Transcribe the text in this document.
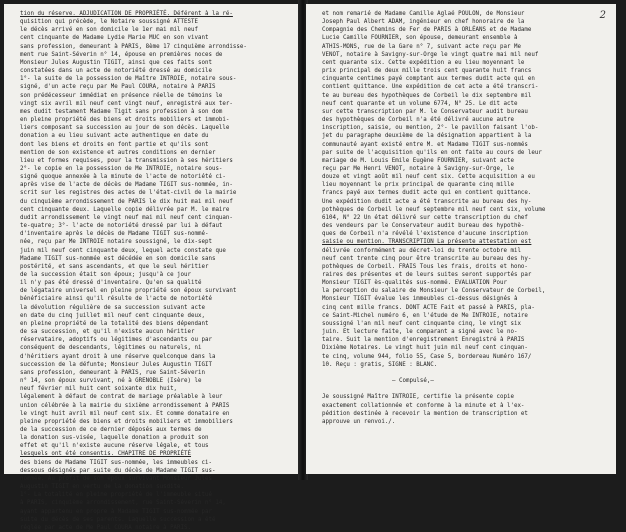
tion du réserve. ADJUDICATION DE PROPRIÉTÉ. Déférent à la ré-
quisition qui précède, le Notaire soussigné ATTESTE
le décès arrivé en son domicile le 1er mai mil neuf
cent cinquante de Madame Lydie Marie MUC en son vivant
sans profession, demeurant à PARIS, 8ème 17 cinquième arrondisse-
ment rue Saint-Séverin n° 14, épouse en premières noces de
Monsieur Jules Augustin TIGIT, ainsi que ces faits sont
constatées dans un acte de notoriété dressé au domicile
1°- la suite de la possession de Maître INTROIE, notaire sous-
signé, d'un acte reçu par Me Paul COURA, notaire à PARIS
son prédécesseur immédiat en présence réelle de témoins le
vingt six avril mil neuf cent vingt neuf, enregistré aux ter-
mes dudit testament Madame Tigit sans profession à son dom
en pleine propriété des biens et droits mobiliers et immobi-
liers composant sa succession au jour de son décès. Laquelle
donation a eu lieu suivant acte authentique en date du
dont les biens et droits en font partie et qu'ils sont
mention de son existence et autres conditions en dernier
lieu et formes requises, pour la transmission à ses héritiers
2°- le copie en la possession de Me INTROIE, notaire sous-
signé quoque annexée à la minute de l'acte de notoriété ci-
après vise de l'acte de décès de Madame TIGIT sus-nommée, in-
scrit sur les registres des actes de l'état-civil de la mairie
du cinquième arrondissement de PARIS le dix huit mai mil neuf
cent cinquante deux. Laquelle copie délivrée par M. le maire
dudit arrondissement le vingt neuf mai mil neuf cent cinquan-
te-quatre; 3°- l'acte de notoriété dressé par lui à défaut
d'inventaire après le décès de Madame TIGIT sus-nommé-
née, reçu par Me INTROIE notaire soussigné, le dix-sept
juin mil neuf cent cinquante deux, lequel acte constate que
Madame TIGIT sus-nommée est décédée en son domicile sans
postérité, et sans ascendants, et que le seul héritier
de la succession était son époux; jusqu'à ce jour
il n'y pas été dressé d'inventaire. Qu'en sa qualité
de légataire universel en pleine propriété son époux survivant
bénéficiaire ainsi qu'il résulte de l'acte de notoriété
la dévolution régulière de sa succession suivant acte
en date du cinq juillet mil neuf cent cinquante deux,
en pleine propriété de la totalité des biens dépendant
de sa succession, et qu'il n'existe aucun héritier
réservataire, adoptifs ou légitimes d'ascendants ou par
conséquent de descendants, légitimes ou naturels, ni
d'héritiers ayant droit à une réserve quelconque dans la
succession de la défunte; Monsieur Jules Augustin TIGIT
sans profession, demeurant à PARIS, rue Saint-Séverin
n° 14, son époux survivant, né à GRENOBLE (Isère) le
neuf février mil huit cent soixante dix huit,
légalement à défaut de contrat de mariage préalable à leur
union célébrée à la mairie du sixième arrondissement à PARIS
le vingt huit avril mil neuf cent six. Et comme donataire en
pleine propriété des biens et droits mobiliers et immobiliers
de la succession de ce dernier déposés aux termes de
la donation sus-visée, laquelle donation a produit son
effet et qu'il n'existe aucune réserve légale, et tous
lesquels ont été consentis. CHAPITRE DE PROPRIÉTÉ
des biens de Madame TIGIT sus-nommée, les immeubles ci-
dessous désignés par suite du décès de Madame TIGIT sus-
nommée. Au profit de son époux survivant Monsieur Jules
Augustin TIGIT en vertu de la donation susdite.
1°- La totalité en pleine propriété de l'immeuble situé
à PARIS, cinquième arrondissement, rue Saint-Séverin n° 14,
ayant appartenu en propre à Madame TIGIT sus-nommée par
suite du décès de ses parents. Laquelle succession a été
réglée par acte de Me Paul COURA notaire à PARIS.
2
et nom remarié de Madame Camille Aglaé POULON, de Monsieur
Joseph Paul Albert ADAM, ingénieur en chef honoraire de la
Compagnie des Chemins de Fer de PARIS à ORLÉANS et de Madame
Lucie Camille FOURNIER, son épouse, demeurant ensemble à
ATHIS-MONS, rue de la Gare n° 7, suivant acte reçu par Me
VENOT, notaire à Savigny-sur-Orge le vingt quatre mai mil neuf
cent quarante six. Cette expédition a eu lieu moyennant le
prix principal de deux mille trois cent quarante huit francs
cinquante centimes payé comptant aux termes dudit acte qui en
contient quittance. Une expédition de cet acte a été transcri-
te au bureau des hypothèques de Corbeil le dix septembre mil
neuf cent quarante et un volume 6774, N° 25. Le dit acte
sur cette transcription par M. le Conservateur audit bureau
des hypothèques de Corbeil n'a été délivré aucune autre
inscription, saisie, ou mention, 2°- le pavillon faisant l'ob-
jet du paragraphe deuxième de la désignation appartient à la
communauté ayant existé entre M. et Madame TIGIT sus-nommés
par suite de l'acquisition qu'ils en ont faite au cours de leur
mariage de M. Louis Emile Eugène FOURNIER, suivant acte
reçu par Me Henri VENOT, notaire à Savigny-sur-Orge, le
douze et vingt août mil neuf cent six. Cette acquisition a eu
lieu moyennant le prix principal de quarante cinq mille
francs payé aux termes dudit acte qui en contient quittance.
Une expédition dudit acte a été transcrite au bureau des hy-
pothèques de Corbeil le neuf septembre mil neuf cent six, volume
6104, N° 22 Un état délivré sur cette transcription du chef
des vendeurs par le Conservateur audit bureau des hypothè-
ques de Corbeil n'a révélé l'existence d'aucune inscription
saisie ou mention. TRANSCRIPTION La présente attestation est
délivrée conformément au décret-loi du trente octobre mil
neuf cent trente cinq pour être transcrite au bureau des hy-
pothèques de Corbeil. FRAIS Tous les frais, droits et hono-
raires des présentes et de leurs suites seront supportés par
Monsieur TIGIT ès-qualités sus-nommé. EVALUATION Pour
la perception du salaire de Monsieur le Conservateur de Corbeil,
Monsieur TIGIT évalue les immeubles ci-dessus désignés à
cinq cent mille francs. DONT ACTE Fait et passé à PARIS, pla-
ce Saint-Michel numéro 6, en l'étude de Me INTROIE, notaire
soussigné l'an mil neuf cent cinquante cinq, le vingt six
juin. Et lecture faite, le comparant a signé avec le no-
taire. Suit la mention d'enregistrement Enregistré à PARIS
Dixième Notaires. Le vingt huit juin mil neuf cent cinquan-
te cinq, volume 944, folio 55, Case 5, bordereau Numéro 167/
10. Reçu : gratis, SIGNE : BLANC.

— Compulsé,—

Je soussigné Maître INTROIE, certifie la présente copie
exactement collationnée et conforme à la minute et à l'ex-
pédition destinée à recevoir la mention de transcription et
approuve un renvoi./.
